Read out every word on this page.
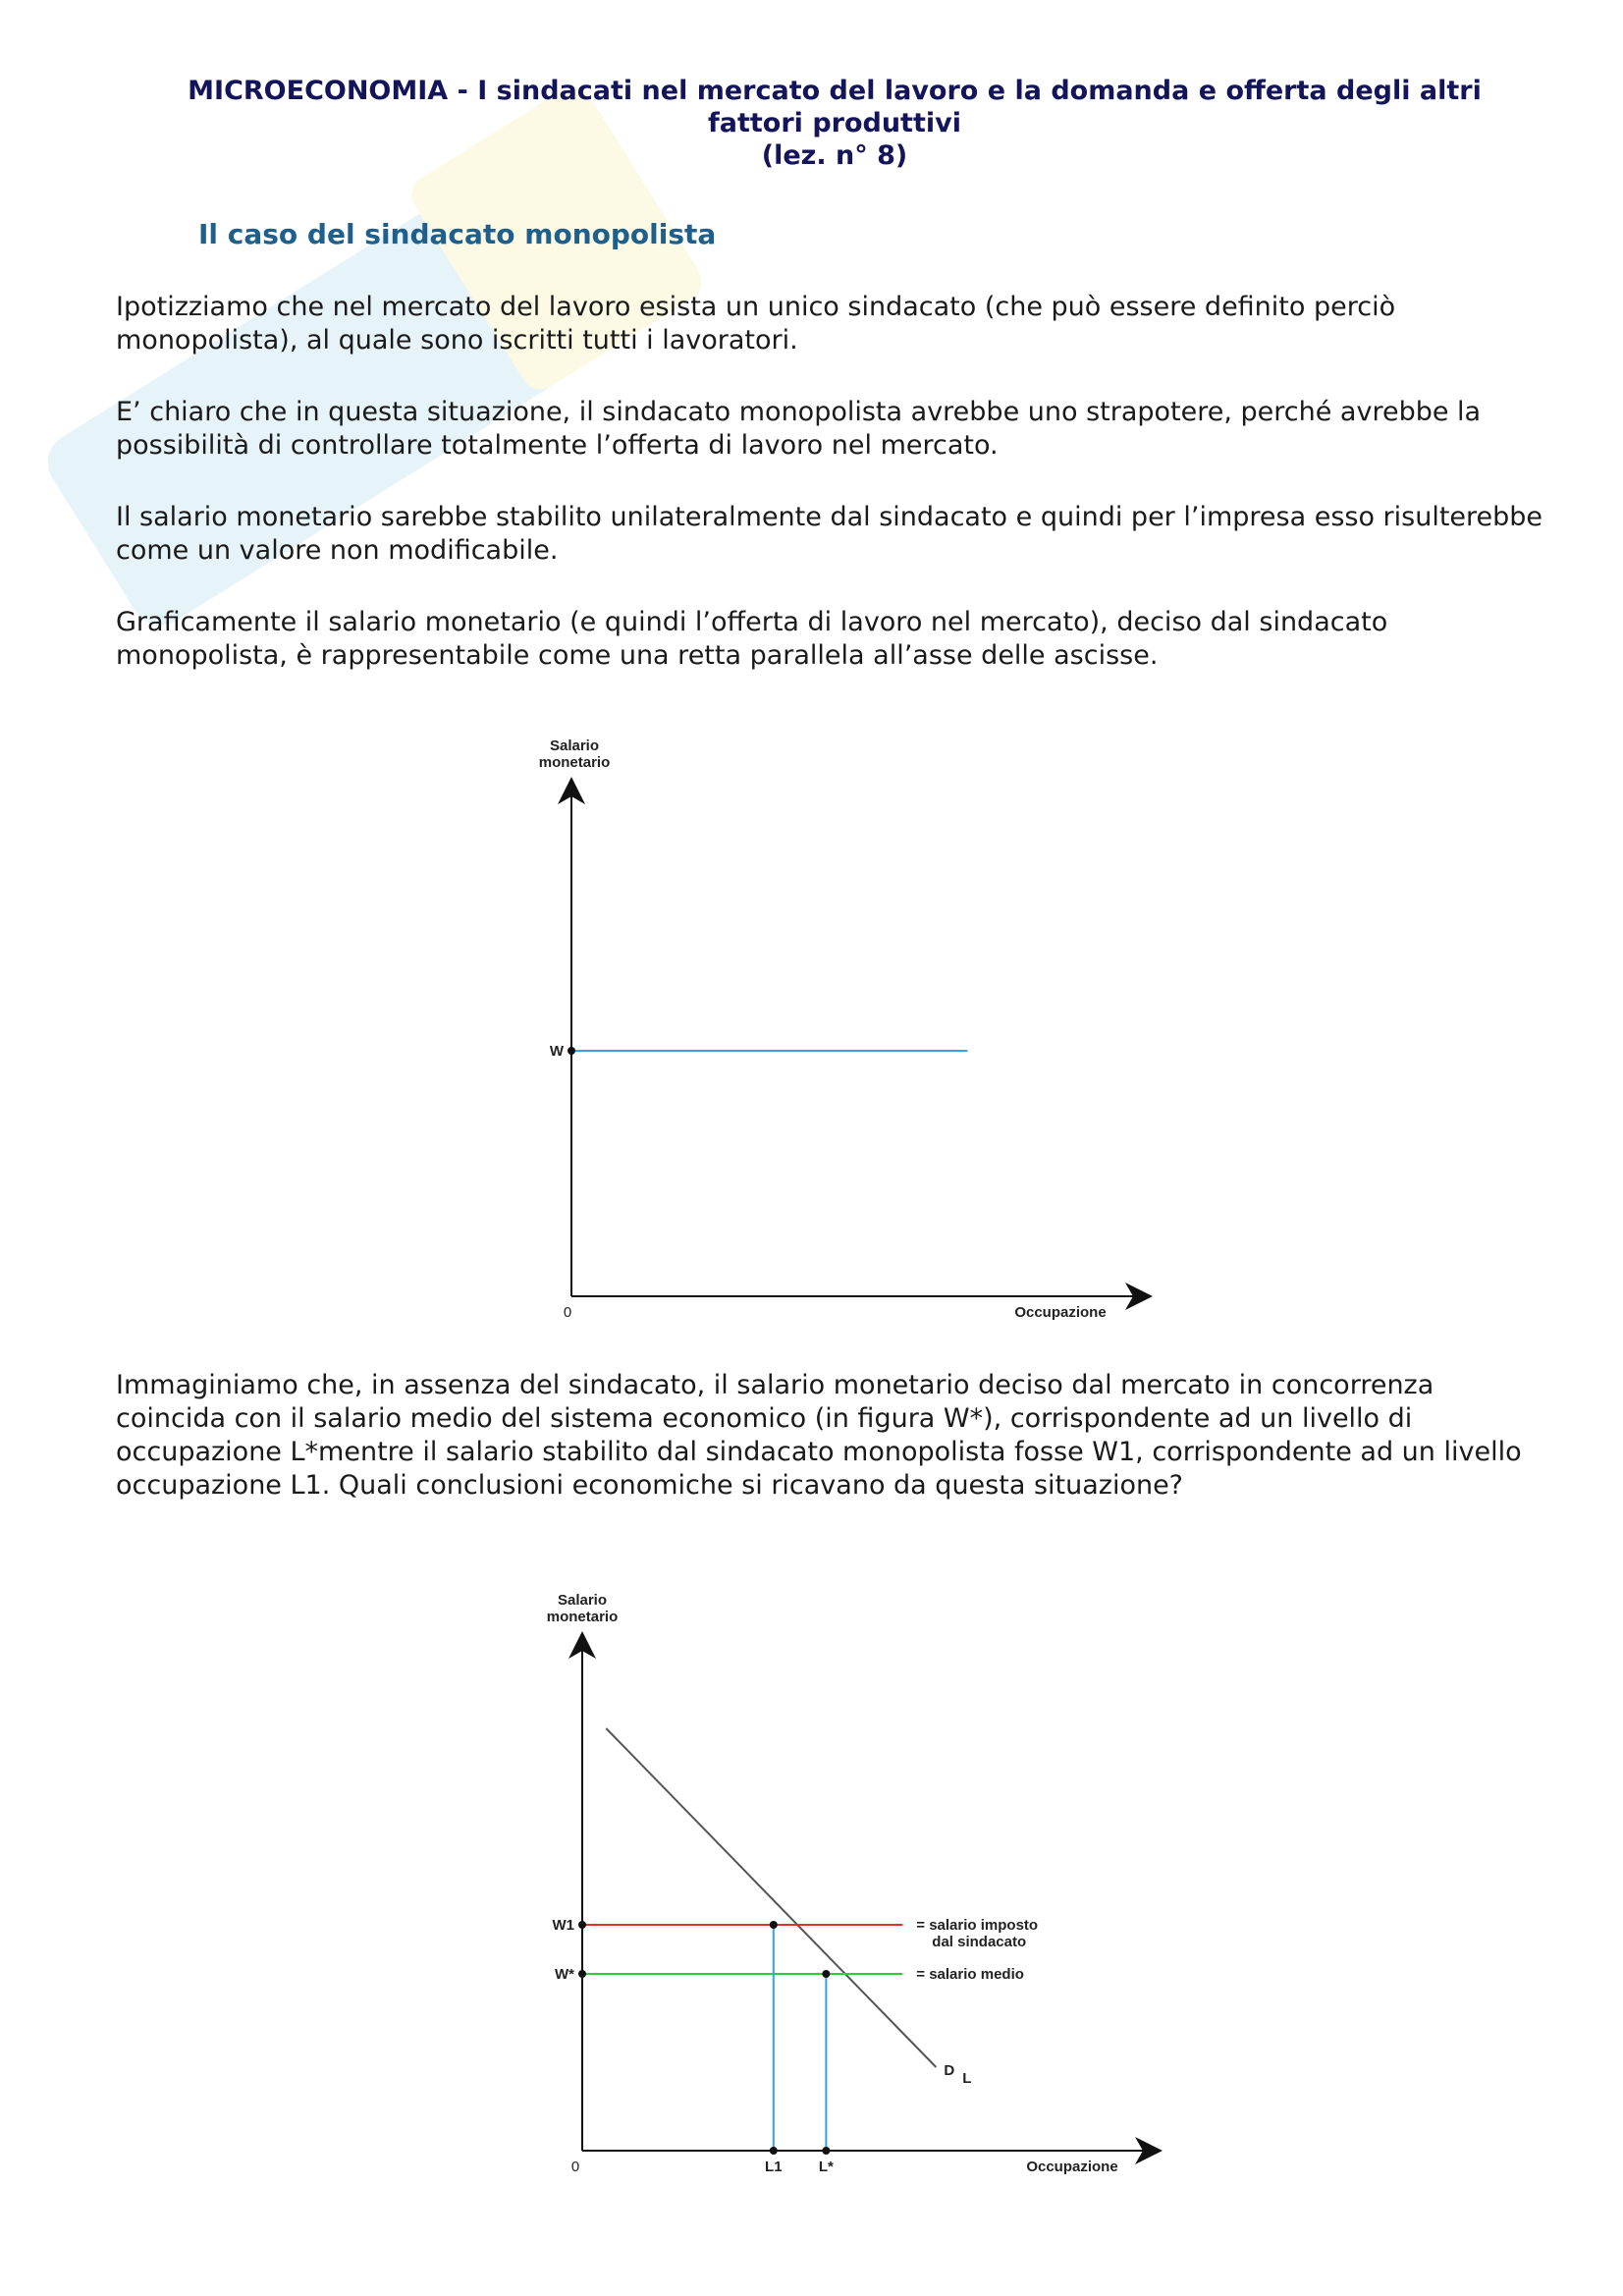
MICROECONOMIA - I sindacati nel mercato del lavoro e la domanda e offerta degli altri
fattori produttivi
(lez. n° 8)
Il caso del sindacato monopolista

Ipotizziamo che nel mercato del lavoro esista un unico sindacato (che può essere definito perciò monopolista), al quale sono iscritti tutti i lavoratori.

E’ chiaro che in questa situazione, il sindacato monopolista avrebbe uno strapotere, perché avrebbe la possibilità di controllare totalmente l’offerta di lavoro nel mercato.

Il salario monetario sarebbe stabilito unilateralmente dal sindacato e quindi per l’impresa esso risulterebbe come un valore non modificabile.

Graficamente il salario monetario (e quindi l’offerta di lavoro nel mercato), deciso dal sindacato monopolista, è rappresentabile come una retta parallela all’asse delle ascisse.

Salario
monetario
0	Occupazione
W

Immaginiamo che, in assenza del sindacato, il salario monetario deciso dal mercato in concorrenza coincida con il salario medio del sistema economico (in figura W*), corrispondente ad un livello di occupazione L*mentre il salario stabilito dal sindacato monopolista fosse W1, corrispondente ad un livello occupazione L1. Quali conclusioni economiche si ricavano da questa situazione?

Salario
monetario
0	Occupazione
D L
W1	= salario imposto
dal sindacato
W*	= salario medio
L1 L*
